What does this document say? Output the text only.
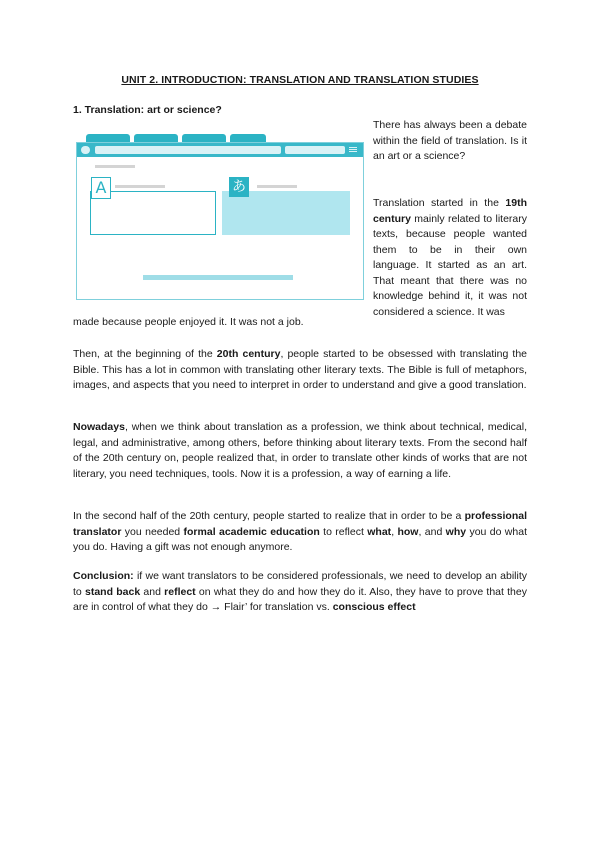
UNIT 2. INTRODUCTION: TRANSLATION AND TRANSLATION STUDIES
1. Translation: art or science?
A	あ

There has always been a debate within the field of translation. Is it an art or a science?

Translation started in the 19th century mainly related to literary texts, because people wanted them to be in their own language. It started as an art. That meant that there was no knowledge behind it, it was not considered a science. It was

made because people enjoyed it. It was not a job.

Then, at the beginning of the 20th century, people started to be obsessed with translating the Bible. This has a lot in common with translating other literary texts. The Bible is full of metaphors, images, and aspects that you need to interpret in order to understand and give a good translation.

Nowadays, when we think about translation as a profession, we think about technical, medical, legal, and administrative, among others, before thinking about literary texts. From the second half of the 20th century on, people realized that, in order to translate other kinds of works that are not literary, you need techniques, tools. Now it is a profession, a way of earning a life.

In the second half of the 20th century, people started to realize that in order to be a professional translator you needed formal academic education to reflect what, how, and why you do what you do. Having a gift was not enough anymore.

Conclusion: if we want translators to be considered professionals, we need to develop an ability to stand back and reflect on what they do and how they do it. Also, they have to prove that they are in control of what they do → Flair’ for translation vs. conscious effect
